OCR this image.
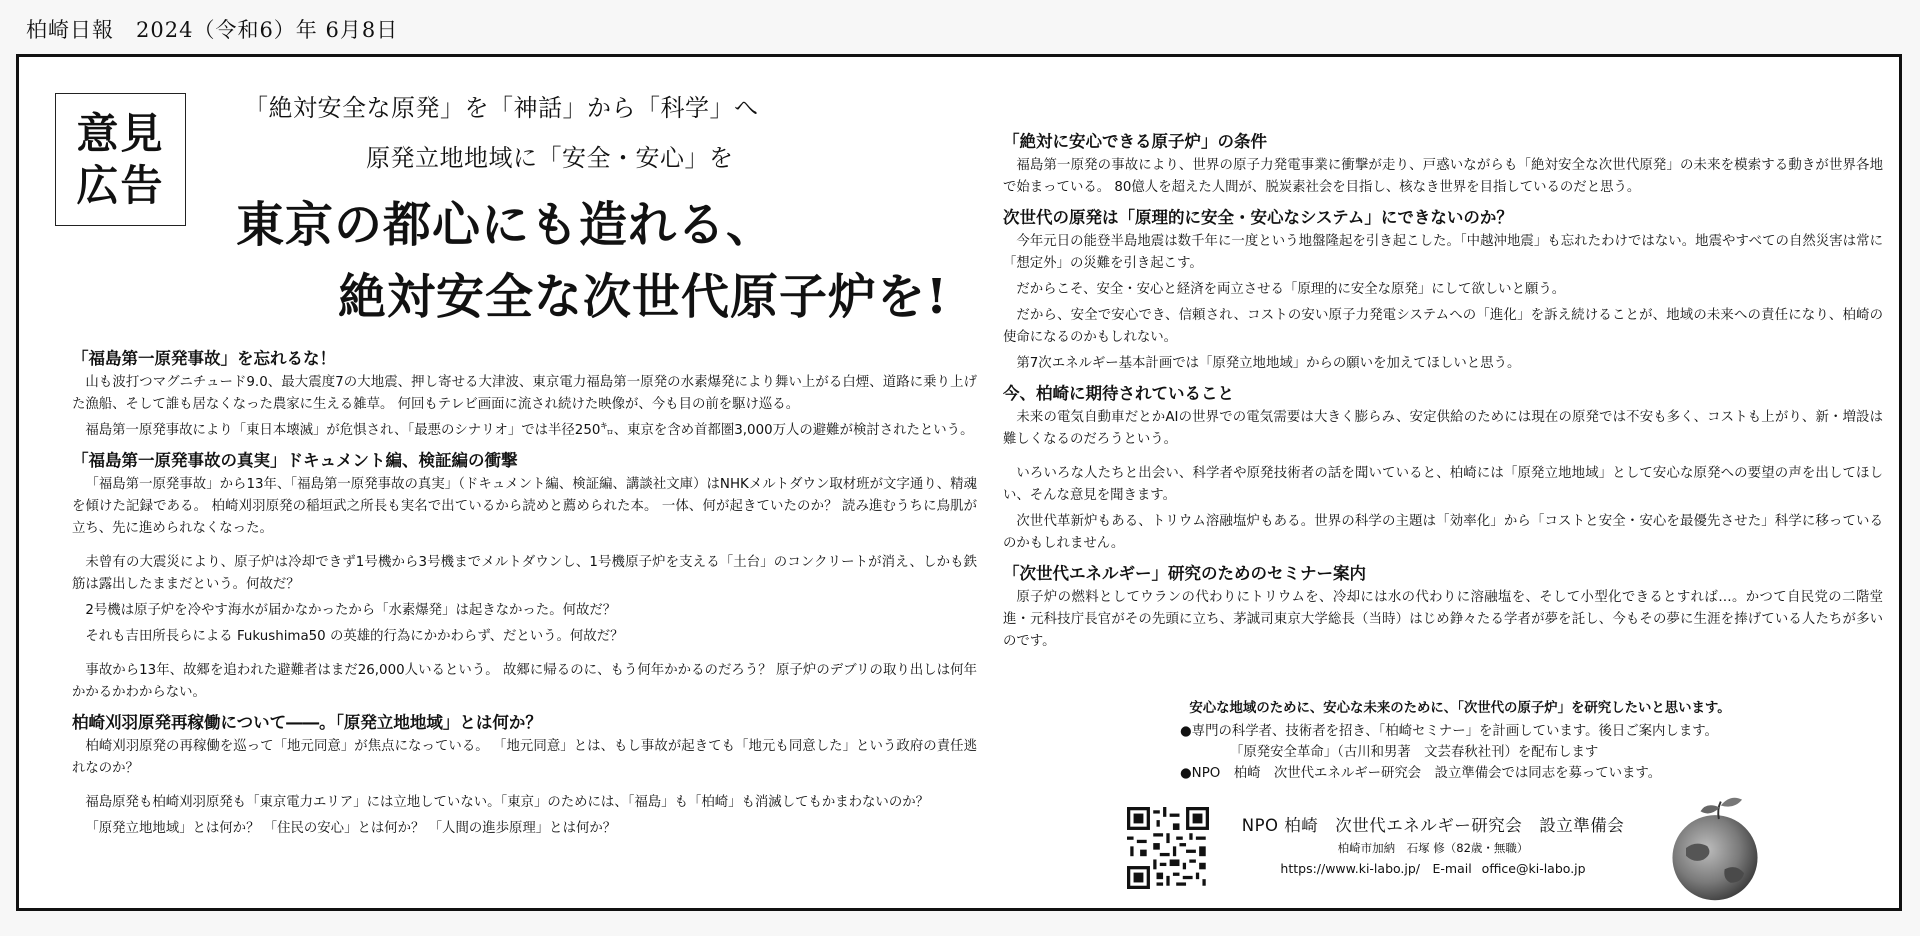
柏崎日報　2024（令和6）年 6月8日
意見
広告
「絶対安全な原発」を「神話」から「科学」へ
原発立地地域に「安全・安心」を
東京の都心にも造れる、
絶対安全な次世代原子炉を!
「福島第一原発事故」を忘れるな！
山も波打つマグニチュード9.0、最大震度7の大地震、押し寄せる大津波、東京電力福島第一原発の水素爆発により舞い上がる白煙、道路に乗り上げた漁船、そして誰も居なくなった農家に生える雑草。 何回もテレビ画面に流され続けた映像が、今も目の前を駆け巡る。
福島第一原発事故により「東日本壊滅」が危惧され、「最悪のシナリオ」では半径250㌔、東京を含め首都圏3,000万人の避難が検討されたという。
「福島第一原発事故の真実」ドキュメント編、検証編の衝撃
「福島第一原発事故」から13年、「福島第一原発事故の真実」（ドキュメント編、検証編、講談社文庫）はNHKメルトダウン取材班が文字通り、精魂を傾けた記録である。 柏崎刈羽原発の稲垣武之所長も実名で出ているから読めと薦められた本。 一体、何が起きていたのか？ 読み進むうちに鳥肌が立ち、先に進められなくなった。
未曾有の大震災により、原子炉は冷却できず1号機から3号機までメルトダウンし、1号機原子炉を支える「土台」のコンクリートが消え、しかも鉄筋は露出したままだという。何故だ？
2号機は原子炉を冷やす海水が届かなかったから「水素爆発」は起きなかった。何故だ？
それも吉田所長らによる Fukushima50 の英雄的行為にかかわらず、だという。何故だ？
事故から13年、故郷を追われた避難者はまだ26,000人いるという。 故郷に帰るのに、もう何年かかるのだろう？ 原子炉のデブリの取り出しは何年かかるかわからない。
柏崎刈羽原発再稼働について――。「原発立地地域」とは何か？
柏崎刈羽原発の再稼働を巡って「地元同意」が焦点になっている。 「地元同意」とは、もし事故が起きても「地元も同意した」という政府の責任逃れなのか？
福島原発も柏崎刈羽原発も「東京電力エリア」には立地していない。「東京」のためには、「福島」も「柏崎」も消滅してもかまわないのか？
「原発立地地域」とは何か？ 「住民の安心」とは何か？ 「人間の進歩原理」とは何か？
「絶対に安心できる原子炉」の条件
福島第一原発の事故により、世界の原子力発電事業に衝撃が走り、戸惑いながらも「絶対安全な次世代原発」の未来を模索する動きが世界各地で始まっている。 80億人を超えた人間が、脱炭素社会を目指し、核なき世界を目指しているのだと思う。
次世代の原発は「原理的に安全・安心なシステム」にできないのか？
今年元日の能登半島地震は数千年に一度という地盤隆起を引き起こした。「中越沖地震」も忘れたわけではない。地震やすべての自然災害は常に「想定外」の災難を引き起こす。
だからこそ、安全・安心と経済を両立させる「原理的に安全な原発」にして欲しいと願う。
だから、安全で安心でき、信頼され、コストの安い原子力発電システムへの「進化」を訴え続けることが、地域の未来への責任になり、柏崎の使命になるのかもしれない。
第7次エネルギー基本計画では「原発立地地域」からの願いを加えてほしいと思う。
今、柏崎に期待されていること
未来の電気自動車だとかAIの世界での電気需要は大きく膨らみ、安定供給のためには現在の原発では不安も多く、コストも上がり、新・増設は難しくなるのだろうという。
いろいろな人たちと出会い、科学者や原発技術者の話を聞いていると、柏崎には「原発立地地域」として安心な原発への要望の声を出してほしい、そんな意見を聞きます。
次世代革新炉もある、トリウム溶融塩炉もある。世界の科学の主題は「効率化」から「コストと安全・安心を最優先させた」科学に移っているのかもしれません。
「次世代エネルギー」研究のためのセミナー案内
原子炉の燃料としてウランの代わりにトリウムを、冷却には水の代わりに溶融塩を、そして小型化できるとすれば…。かつて自民党の二階堂進・元科技庁長官がその先頭に立ち、茅誠司東京大学総長（当時）はじめ錚々たる学者が夢を託し、今もその夢に生涯を捧げている人たちが多いのです。
安心な地域のために、安心な未来のために、「次世代の原子炉」を研究したいと思います。
●専門の科学者、技術者を招き、「柏崎セミナー」を計画しています。後日ご案内します。
「原発安全革命」（古川和男著　文芸春秋社刊）を配布します
●NPO　柏崎　次世代エネルギー研究会　設立準備会では同志を募っています。
NPO 柏崎　次世代エネルギー研究会　設立準備会
柏崎市加納　石塚 修（82歳・無職）
https://www.ki-labo.jp/　E-mail office@ki-labo.jp
